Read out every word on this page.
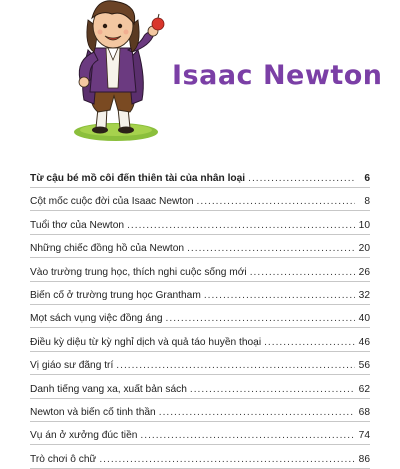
Isaac Newton
Từ cậu bé mồ côi đến thiên tài của nhân loại .....	6
Cột mốc cuộc đời của Isaac Newton .....	8
Tuổi thơ của Newton .....	10
Những chiếc đồng hồ của Newton .....	20
Vào trường trung học, thích nghi cuộc sống mới .....	26
Biến cố ở trường trung học Grantham .....	32
Mọt sách vụng việc đồng áng .....	40
Điều kỳ diệu từ kỳ nghỉ dịch và quả táo huyền thoại .....	46
Vị giáo sư đãng trí .....	56
Danh tiếng vang xa, xuất bản sách .....	62
Newton và biến cố tinh thần .....	68
Vụ án ở xưởng đúc tiền .....	74
Trò chơi ô chữ .....	86
